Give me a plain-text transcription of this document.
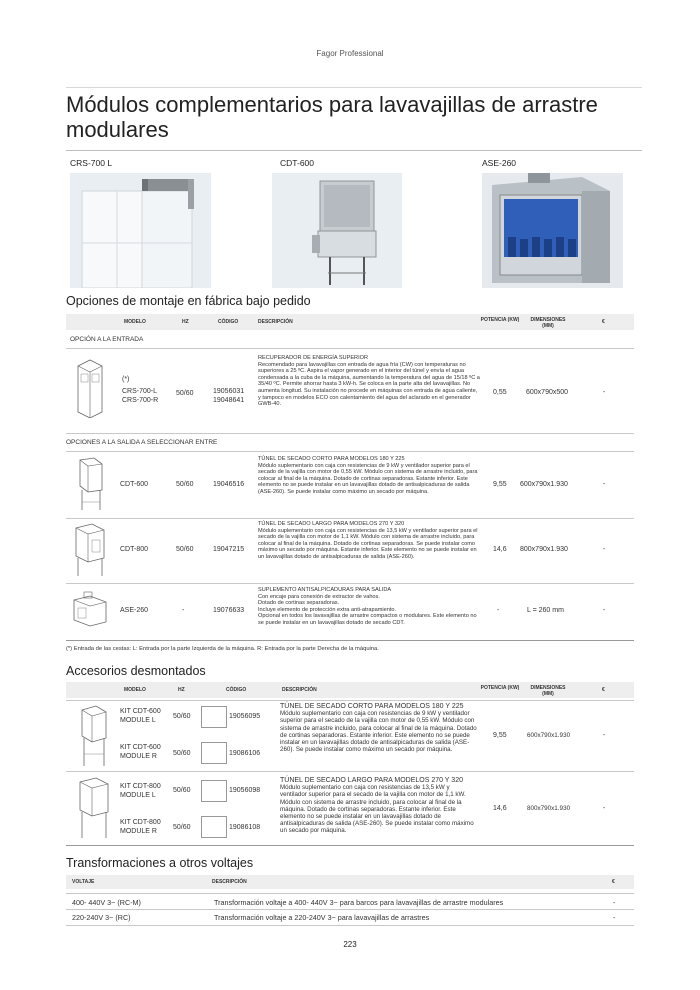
Fagor Professional
Módulos complementarios para lavavajillas de arrastre modulares
CRS-700 L	CDT-600	ASE-260
Opciones de montaje en fábrica bajo pedido
MODELO	HZ	CÓDIGO	DESCRIPCIÓN	POTENCIA (KW)	DIMENSIONES (MM)
€
OPCIÓN A LA ENTRADA
(*)
CRS-700-L
CRS-700-R
50/60	19056031
19048641
RECUPERADOR DE ENERGÍA SUPERIOR
Recomendado para lavavajillas con entrada de agua fría (CW) con temperaturas no superiores a 25 ºC. Aspira el vapor generado en el interior del túnel y envía el agua condensada a la cuba de la máquina, aumentando la temperatura del agua de 15/18 ºC a 35/40 ºC. Permite ahorrar hasta 3 kW-h. Se coloca en la parte alta del lavavajillas. No aumenta longitud. Su instalación no procede en máquinas con entrada de agua caliente, y tampoco en modelos ECO con calentamiento del agua del aclarado en el generador GWB-40.
0,55	600x790x500	-
OPCIONES A LA SALIDA A SELECCIONAR ENTRE
CDT-600	50/60	19046516
TÚNEL DE SECADO CORTO PARA MODELOS 180 Y 225
Módulo suplementario con caja con resistencias de 9 kW y ventilador superior para el secado de la vajilla con motor de 0,55 kW. Módulo con sistema de arrastre incluido, para colocar al final de la máquina. Dotado de cortinas separadoras. Estante inferior. Este elemento no se puede instalar en un lavavajillas dotado de antisalpicaduras de salida (ASE-260). Se puede instalar como máximo un secado por máquina.
9,55 600x790x1.930	-
CDT-800	50/60	19047215
TÚNEL DE SECADO LARGO PARA MODELOS 270 Y 320
Módulo suplementario con caja con resistencias de 13,5 kW y ventilador superior para el secado de la vajilla con motor de 1,1 kW. Módulo con sistema de arrastre incluido, para colocar al final de la máquina. Dotado de cortinas separadoras. Se puede instalar como máximo un secado por máquina. Estante inferior. Este elemento no se puede instalar en un lavavajillas dotado de antisalpicaduras de salida (ASE-260).
14,6 800x790x1.930	-
ASE-260	-	19076633
SUPLEMENTO ANTISALPICADURAS PARA SALIDA
Con encaje para conexión de extractor de vahos.
Dotado de cortinas separadoras.
Incluye elemento de protección extra anti-atrapamiento.
Opcional en todos los lavavajillas de arrastre compactos o modulares. Este elemento no se puede instalar en un lavavajillas dotado de secado CDT.
-	L = 260 mm	-
(*) Entrada de las cestas: L: Entrada por la parte Izquierda de la máquina. R: Entrada por la parte Derecha de la máquina.
Accesorios desmontados
MODELO	HZ	CÓDIGO	DESCRIPCIÓN	POTENCIA (KW)	DIMENSIONES (MM)
€
KIT CDT-600 MODULE L	50/60	19056095
KIT CDT-600 MODULE R	50/60	19086106
TÚNEL DE SECADO CORTO PARA MODELOS 180 Y 225
Módulo suplementario con caja con resistencias de 9 kW y ventilador superior para el secado de la vajilla con motor de 0,55 kW. Módulo con sistema de arrastre incluido, para colocar al final de la máquina. Dotado de cortinas separadoras. Estante inferior. Este elemento no se puede instalar en un lavavajillas dotado de antisalpicaduras de salida (ASE-260). Se puede instalar como máximo un secado por máquina.
9,55	600x790x1.930	-
KIT CDT-800 MODULE L
50/60	19056098
KIT CDT-800 MODULE R	50/60	19086108
TÚNEL DE SECADO LARGO PARA MODELOS 270 Y 320
Módulo suplementario con caja con resistencias de 13,5 kW y ventilador superior para el secado de la vajilla con motor de 1,1 kW. Módulo con sistema de arrastre incluido, para colocar al final de la máquina. Dotado de cortinas separadoras. Estante inferior. Este elemento no se puede instalar en un lavavajillas dotado de antisalpicaduras de salida (ASE-260). Se puede instalar como máximo un secado por máquina.
14,6	800x790x1.930	-
Transformaciones a otros voltajes
VOLTAJE	DESCRIPCIÓN	€
400- 440V 3~ (RC-M)	Transformación voltaje a 400- 440V 3~ para barcos para lavavajillas de arrastre modulares	-
220-240V 3~ (RC)	Transformación voltaje a 220-240V 3~ para lavavajillas de arrastres	-
223
